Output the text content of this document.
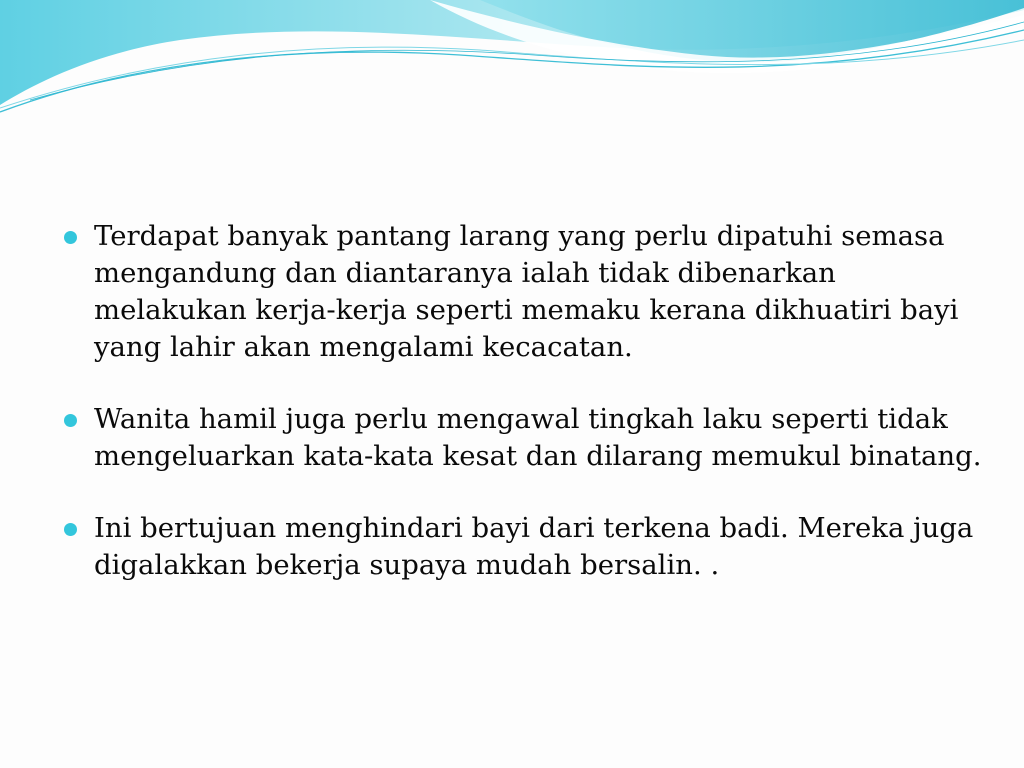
Terdapat banyak pantang larang yang perlu dipatuhi semasa mengandung dan diantaranya ialah tidak dibenarkan melakukan kerja-kerja seperti memaku kerana dikhuatiri bayi yang lahir akan mengalami kecacatan.
Wanita hamil juga perlu mengawal tingkah laku seperti tidak mengeluarkan kata-kata kesat dan dilarang memukul binatang.
Ini bertujuan menghindari bayi dari terkena badi. Mereka juga digalakkan bekerja supaya mudah bersalin. .
